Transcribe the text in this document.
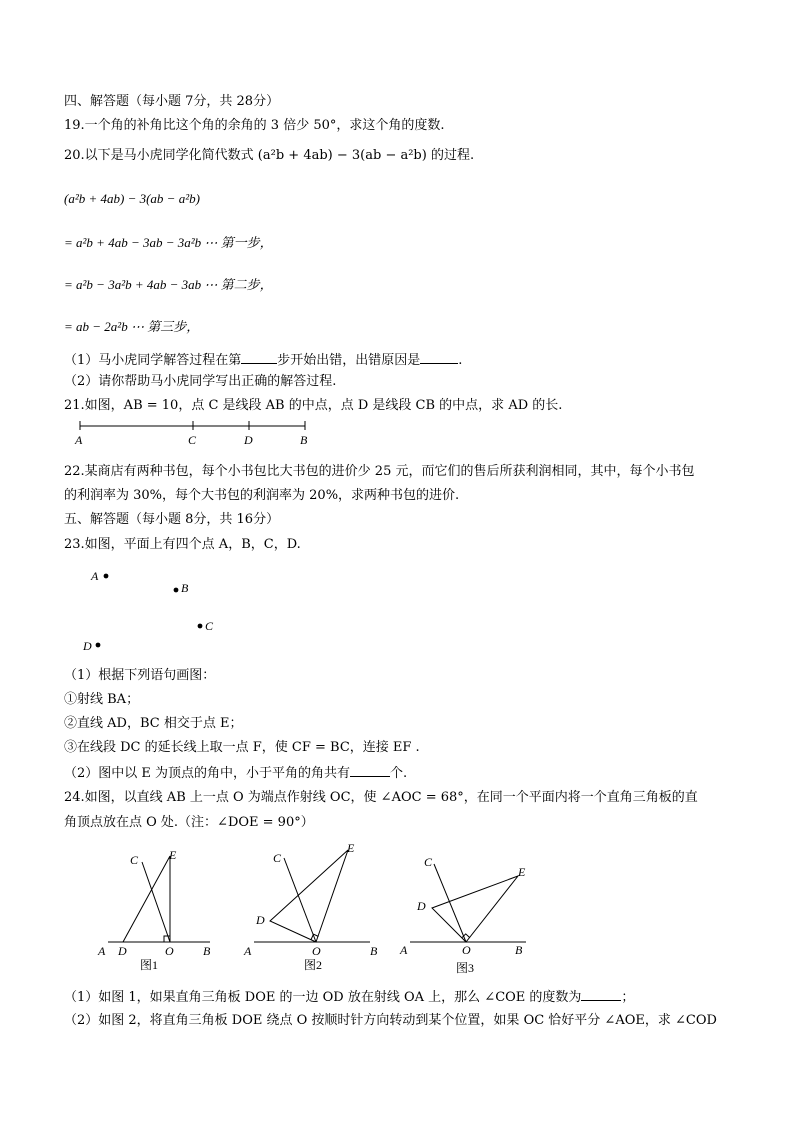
四、解答题（每小题 7分，共 28分）
19.一个角的补角比这个角的余角的 3 倍少 50°，求这个角的度数.
20.以下是马小虎同学化简代数式 (a²b + 4ab) − 3(ab − a²b) 的过程.
(a²b + 4ab) − 3(ab − a²b)
= a²b + 4ab − 3ab − 3a²b ⋯ 第一步，
= a²b − 3a²b + 4ab − 3ab ⋯ 第二步，
= ab − 2a²b ⋯ 第三步，
（1）马小虎同学解答过程在第	步开始出错，出错原因是	.
（2）请你帮助马小虎同学写出正确的解答过程.
21.如图，AB = 10，点 C 是线段 AB 的中点，点 D 是线段 CB 的中点，求 AD 的长.
A	C	D	B
22.某商店有两种书包，每个小书包比大书包的进价少 25 元，而它们的售后所获利润相同，其中，每个小书包
的利润率为 30%，每个大书包的利润率为 20%，求两种书包的进价.
五、解答题（每小题 8分，共 16分）
23.如图，平面上有四个点 A，B，C，D.
A
B
C
D
（1）根据下列语句画图：
①射线 BA；
②直线 AD，BC 相交于点 E；
③在线段 DC 的延长线上取一点 F，使 CF = BC，连接 EF .
（2）图中以 E 为顶点的角中，小于平角的角共有	个.
24.如图，以直线 AB 上一点 O 为端点作射线 OC，使 ∠AOC = 68°，在同一个平面内将一个直角三角板的直
角顶点放在点 O 处.（注：∠DOE = 90°）
C	E
A D	O B
图1
C
E
D
A	O	B
图2
C
E
D
A	O	B
图3
（1）如图 1，如果直角三角板 DOE 的一边 OD 放在射线 OA 上，那么 ∠COE 的度数为	；
（2）如图 2，将直角三角板 DOE 绕点 O 按顺时针方向转动到某个位置，如果 OC 恰好平分 ∠AOE，求 ∠COD
